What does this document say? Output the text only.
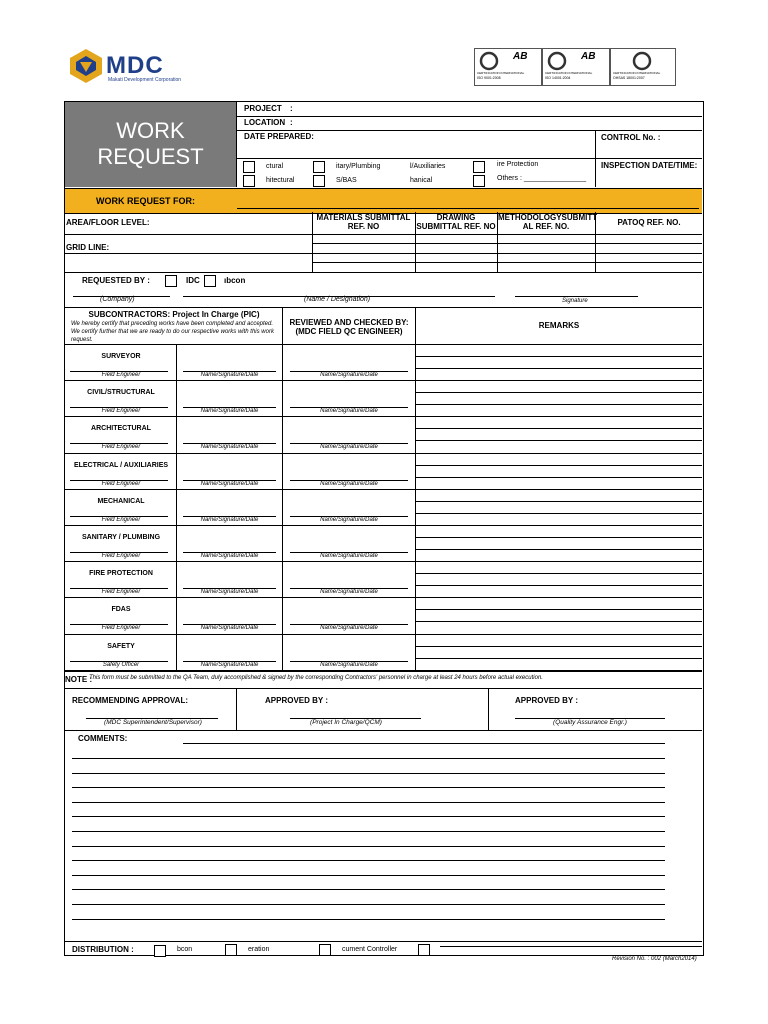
MDC
Makati Development Corporation
AB
CERTIFICATION INTERNATIONAL
ISO 9001:2008
AB
CERTIFICATION INTERNATIONAL
ISO 14001:2004
CERTIFICATION INTERNATIONAL
OHSAS 18001:2007
WORK
REQUEST
PROJECT :
LOCATION :
DATE PREPARED:	CONTROL No. :
INSPECTION DATE/TIME:
ctural	itary/Plumbing	l/Auxiliaries	ire Protection
hitectural	S/BAS	hanical	Others : ________________
WORK REQUEST FOR:
AREA/FLOOR LEVEL:
MATERIALS SUBMITTAL REF. NO
DRAWING SUBMITTAL REF. NO
METHODOLOGYSUBMITT AL REF. NO.	PATOQ REF. NO.
GRID LINE:
REQUESTED BY :	IDC	ıbcon
(Company)	(Name / Designation)	Signature
SUBCONTRACTORS: Project In Charge (PIC)
We hereby certify that preceding works have been completed and accepted. We certify further that we are ready to do our respective works with this work request.
REVIEWED AND CHECKED BY: (MDC FIELD QC ENGINEER)
REMARKS
SURVEYOR
Field Engineer	Name/Signature/Date	Name/Signature/Date
CIVIL/STRUCTURAL
Field Engineer	Name/Signature/Date	Name/Signature/Date
ARCHITECTURAL
Field Engineer	Name/Signature/Date	Name/Signature/Date
ELECTRICAL / AUXILIARIES
Field Engineer	Name/Signature/Date	Name/Signature/Date
MECHANICAL
Field Engineer	Name/Signature/Date	Name/Signature/Date
SANITARY / PLUMBING
Field Engineer	Name/Signature/Date	Name/Signature/Date
FIRE PROTECTION
Field Engineer	Name/Signature/Date	Name/Signature/Date
FDAS
Field Engineer	Name/Signature/Date	Name/Signature/Date
SAFETY
Safety Officer	Name/Signature/Date	Name/Signature/Date
NOTE :
This form must be submitted to the QA Team, duly accomplished & signed by the corresponding Contractors' personnel in charge at least 24 hours before actual execution.
RECOMMENDING APPROVAL:	APPROVED BY :	APPROVED BY :
(MDC Superintendent/Supervisor)	(Project In Charge/QCM)	(Quality Assurance Engr.)
COMMENTS:
DISTRIBUTION :	bcon	eration	cument Controller
Revision No. : 002 (March2014)
